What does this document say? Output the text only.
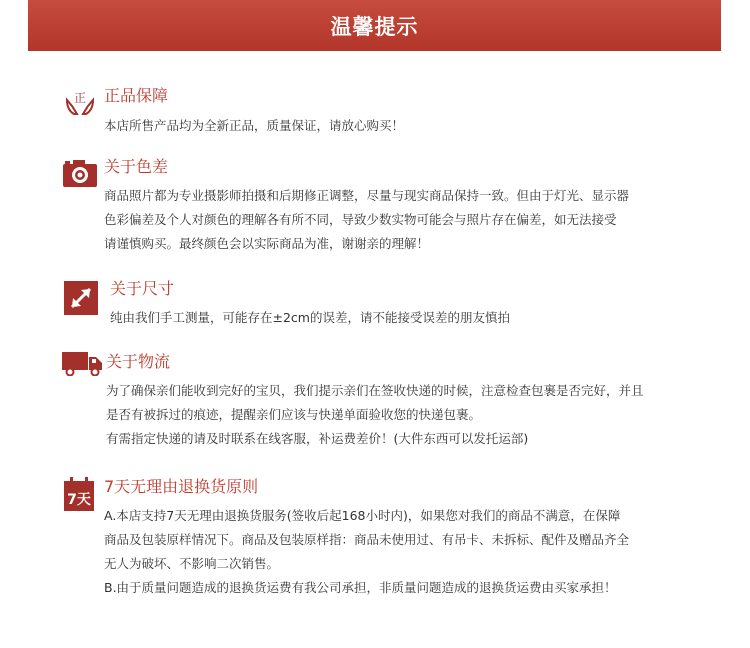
温馨提示
正 正品保障
本店所售产品均为全新正品，质量保证，请放心购买！
关于色差
商品照片都为专业摄影师拍摄和后期修正调整，尽量与现实商品保持一致。但由于灯光、显示器
色彩偏差及个人对颜色的理解各有所不同，导致少数实物可能会与照片存在偏差，如无法接受
请谨慎购买。最终颜色会以实际商品为准，谢谢亲的理解！
关于尺寸
纯由我们手工测量，可能存在±2cm的误差，请不能接受误差的朋友慎拍
关于物流
为了确保亲们能收到完好的宝贝，我们提示亲们在签收快递的时候，注意检查包裹是否完好，并且
是否有被拆过的痕迹，提醒亲们应该与快递单面验收您的快递包裹。
有需指定快递的请及时联系在线客服，补运费差价！(大件东西可以发托运部)
7天
7天无理由退换货原则
A.本店支持7天无理由退换货服务(签收后起168小时内)，如果您对我们的商品不满意，在保障
商品及包装原样情况下。商品及包装原样指：商品未使用过、有吊卡、未拆标、配件及赠品齐全
无人为破坏、不影响二次销售。
B.由于质量问题造成的退换货运费有我公司承担，非质量问题造成的退换货运费由买家承担！
